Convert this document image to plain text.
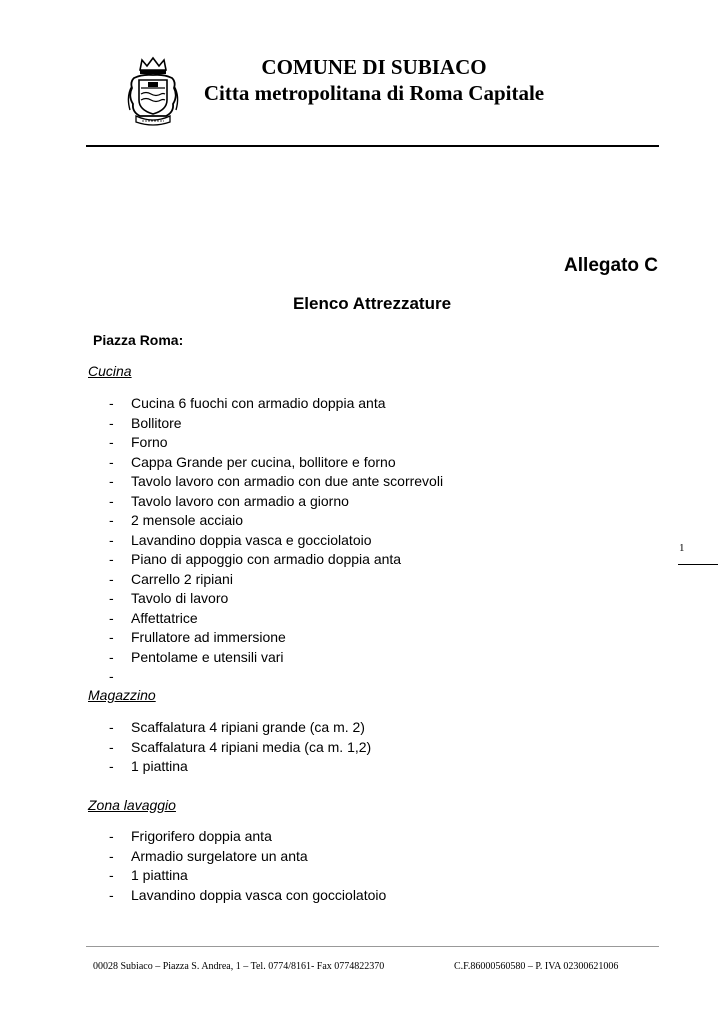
COMUNE DI SUBIACO
Citta metropolitana di Roma Capitale
Allegato C
Elenco Attrezzature
Piazza Roma:
Cucina
- Cucina 6 fuochi con armadio doppia anta
- Bollitore
- Forno
- Cappa Grande per cucina, bollitore e forno
- Tavolo lavoro con armadio con due ante scorrevoli
- Tavolo lavoro con armadio a giorno
- 2 mensole acciaio
- Lavandino doppia vasca e gocciolatoio
- Piano di appoggio con armadio doppia anta
- Carrello 2 ripiani
- Tavolo di lavoro
- Affettatrice
- Frullatore ad immersione
- Pentolame e utensili vari
-
Magazzino
- Scaffalatura 4 ripiani grande (ca m. 2)
- Scaffalatura 4 ripiani media (ca m. 1,2)
- 1 piattina
Zona lavaggio
- Frigorifero doppia anta
- Armadio surgelatore un anta
- 1 piattina
- Lavandino doppia vasca con gocciolatoio
1
00028 Subiaco – Piazza S. Andrea, 1 – Tel. 0774/8161- Fax 0774822370	C.F.86000560580 – P. IVA 02300621006
